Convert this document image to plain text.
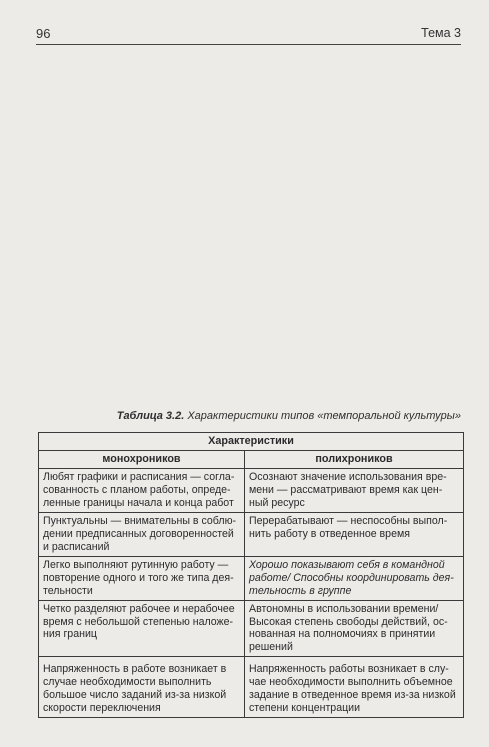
96	Тема 3
Таблица 3.2. Характеристики типов «темпоральной культуры»
Характеристики	
монохроников	полихроников
Любят графики и расписания — согла-сованность с планом работы, опреде-ленные границы начала и конца работ	Осознают значение использования вре-мени — рассматривают время как цен-ный ресурс
Пунктуальны — внимательны в соблю-дении предписанных договоренностей и расписаний	Перерабатывают — неспособны выпол-нить работу в отведенное время
Легко выполняют рутинную работу — повторение одного и того же типа дея-тельности	Хорошо показывают себя в командной работе/ Способны координировать дея-тельность в группе
Четко разделяют рабочее и нерабочее время с небольшой степенью наложе-ния границ	Автономны в использовании времени/ Высокая степень свободы действий, ос-нованная на полномочиях в принятии решений
Напряженность в работе возникает в случае необходимости выполнить большое число заданий из-за низкой скорости переключения	Напряженность работы возникает в слу-чае необходимости выполнить объемное задание в отведенное время из-за низкой степени концентрации
